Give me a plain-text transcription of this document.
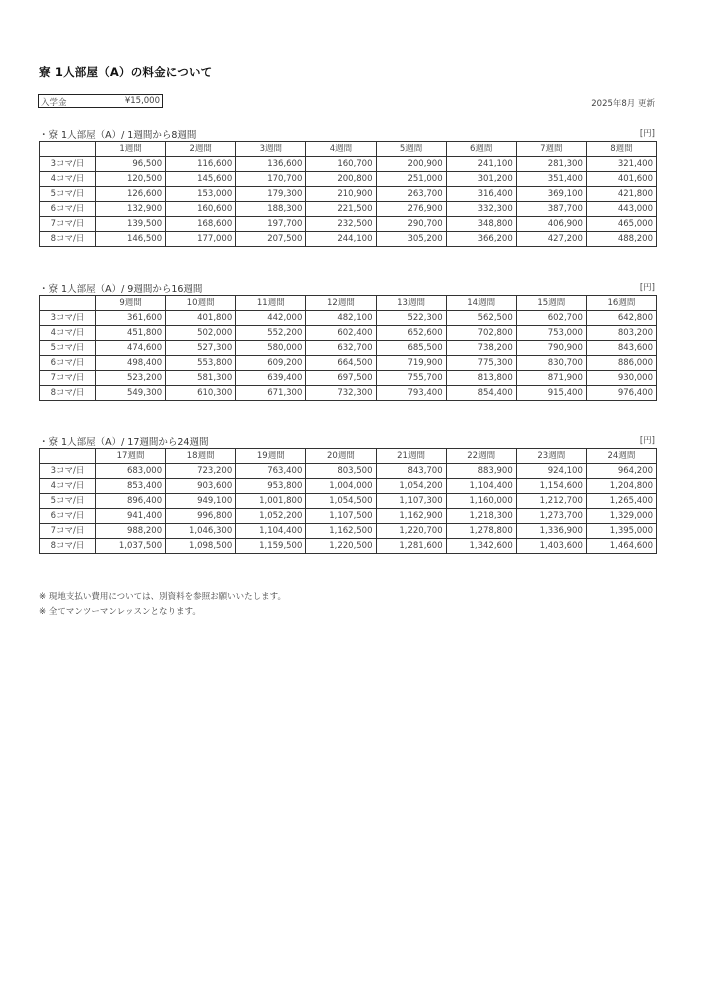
寮 1人部屋（A）の料金について
入学金	¥15,000	2025年8月 更新
・寮 1人部屋（A）/ 1週間から8週間	[円]
	1週間	2週間	3週間	4週間	5週間	6週間	7週間	8週間
3コマ/日	96,500	116,600	136,600	160,700	200,900	241,100	281,300	321,400
4コマ/日	120,500	145,600	170,700	200,800	251,000	301,200	351,400	401,600
5コマ/日	126,600	153,000	179,300	210,900	263,700	316,400	369,100	421,800
6コマ/日	132,900	160,600	188,300	221,500	276,900	332,300	387,700	443,000
7コマ/日	139,500	168,600	197,700	232,500	290,700	348,800	406,900	465,000
8コマ/日	146,500	177,000	207,500	244,100	305,200	366,200	427,200	488,200
・寮 1人部屋（A）/ 9週間から16週間	[円]
	9週間	10週間	11週間	12週間	13週間	14週間	15週間	16週間
3コマ/日	361,600	401,800	442,000	482,100	522,300	562,500	602,700	642,800
4コマ/日	451,800	502,000	552,200	602,400	652,600	702,800	753,000	803,200
5コマ/日	474,600	527,300	580,000	632,700	685,500	738,200	790,900	843,600
6コマ/日	498,400	553,800	609,200	664,500	719,900	775,300	830,700	886,000
7コマ/日	523,200	581,300	639,400	697,500	755,700	813,800	871,900	930,000
8コマ/日	549,300	610,300	671,300	732,300	793,400	854,400	915,400	976,400
・寮 1人部屋（A）/ 17週間から24週間	[円]
	17週間	18週間	19週間	20週間	21週間	22週間	23週間	24週間
3コマ/日	683,000	723,200	763,400	803,500	843,700	883,900	924,100	964,200
4コマ/日	853,400	903,600	953,800	1,004,000	1,054,200	1,104,400	1,154,600	1,204,800
5コマ/日	896,400	949,100	1,001,800	1,054,500	1,107,300	1,160,000	1,212,700	1,265,400
6コマ/日	941,400	996,800	1,052,200	1,107,500	1,162,900	1,218,300	1,273,700	1,329,000
7コマ/日	988,200	1,046,300	1,104,400	1,162,500	1,220,700	1,278,800	1,336,900	1,395,000
8コマ/日	1,037,500	1,098,500	1,159,500	1,220,500	1,281,600	1,342,600	1,403,600	1,464,600
※ 現地支払い費用については、別資料を参照お願いいたします。
※ 全てマンツーマンレッスンとなります。
